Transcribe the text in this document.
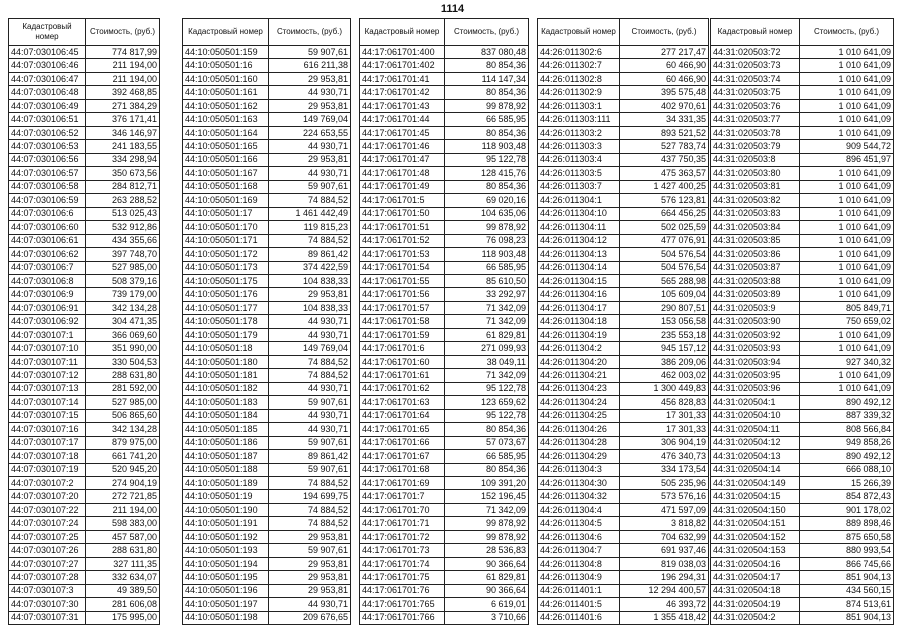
1114
Кадастровый номер	Стоимость, (руб.)
44:07:030106:45	774 817,99
44:07:030106:46	211 194,00
44:07:030106:47	211 194,00
44:07:030106:48	392 468,85
44:07:030106:49	271 384,29
44:07:030106:51	376 171,41
44:07:030106:52	346 146,97
44:07:030106:53	241 183,55
44:07:030106:56	334 298,94
44:07:030106:57	350 673,56
44:07:030106:58	284 812,71
44:07:030106:59	263 288,52
44:07:030106:6	513 025,43
44:07:030106:60	532 912,86
44:07:030106:61	434 355,66
44:07:030106:62	397 748,70
44:07:030106:7	527 985,00
44:07:030106:8	508 379,16
44:07:030106:9	739 179,00
44:07:030106:91	342 134,28
44:07:030106:92	304 471,35
44:07:030107:1	366 069,60
44:07:030107:10	351 990,00
44:07:030107:11	330 504,53
44:07:030107:12	288 631,80
44:07:030107:13	281 592,00
44:07:030107:14	527 985,00
44:07:030107:15	506 865,60
44:07:030107:16	342 134,28
44:07:030107:17	879 975,00
44:07:030107:18	661 741,20
44:07:030107:19	520 945,20
44:07:030107:2	274 904,19
44:07:030107:20	272 721,85
44:07:030107:22	211 194,00
44:07:030107:24	598 383,00
44:07:030107:25	457 587,00
44:07:030107:26	288 631,80
44:07:030107:27	327 111,35
44:07:030107:28	332 634,07
44:07:030107:3	49 389,50
44:07:030107:30	281 606,08
44:07:030107:31	175 995,00
Кадастровый номер	Стоимость, (руб.)
44:10:050501:159	59 907,61
44:10:050501:16	616 211,38
44:10:050501:160	29 953,81
44:10:050501:161	44 930,71
44:10:050501:162	29 953,81
44:10:050501:163	149 769,04
44:10:050501:164	224 653,55
44:10:050501:165	44 930,71
44:10:050501:166	29 953,81
44:10:050501:167	44 930,71
44:10:050501:168	59 907,61
44:10:050501:169	74 884,52
44:10:050501:17	1 461 442,49
44:10:050501:170	119 815,23
44:10:050501:171	74 884,52
44:10:050501:172	89 861,42
44:10:050501:173	374 422,59
44:10:050501:175	104 838,33
44:10:050501:176	29 953,81
44:10:050501:177	104 838,33
44:10:050501:178	44 930,71
44:10:050501:179	44 930,71
44:10:050501:18	149 769,04
44:10:050501:180	74 884,52
44:10:050501:181	74 884,52
44:10:050501:182	44 930,71
44:10:050501:183	59 907,61
44:10:050501:184	44 930,71
44:10:050501:185	44 930,71
44:10:050501:186	59 907,61
44:10:050501:187	89 861,42
44:10:050501:188	59 907,61
44:10:050501:189	74 884,52
44:10:050501:19	194 699,75
44:10:050501:190	74 884,52
44:10:050501:191	74 884,52
44:10:050501:192	29 953,81
44:10:050501:193	59 907,61
44:10:050501:194	29 953,81
44:10:050501:195	29 953,81
44:10:050501:196	29 953,81
44:10:050501:197	44 930,71
44:10:050501:198	209 676,65
Кадастровый номер	Стоимость, (руб.)
44:17:061701:400	837 080,48
44:17:061701:402	80 854,36
44:17:061701:41	114 147,34
44:17:061701:42	80 854,36
44:17:061701:43	99 878,92
44:17:061701:44	66 585,95
44:17:061701:45	80 854,36
44:17:061701:46	118 903,48
44:17:061701:47	95 122,78
44:17:061701:48	128 415,76
44:17:061701:49	80 854,36
44:17:061701:5	69 020,16
44:17:061701:50	104 635,06
44:17:061701:51	99 878,92
44:17:061701:52	76 098,23
44:17:061701:53	118 903,48
44:17:061701:54	66 585,95
44:17:061701:55	85 610,50
44:17:061701:56	33 292,97
44:17:061701:57	71 342,09
44:17:061701:58	71 342,09
44:17:061701:59	61 829,81
44:17:061701:6	271 099,93
44:17:061701:60	38 049,11
44:17:061701:61	71 342,09
44:17:061701:62	95 122,78
44:17:061701:63	123 659,62
44:17:061701:64	95 122,78
44:17:061701:65	80 854,36
44:17:061701:66	57 073,67
44:17:061701:67	66 585,95
44:17:061701:68	80 854,36
44:17:061701:69	109 391,20
44:17:061701:7	152 196,45
44:17:061701:70	71 342,09
44:17:061701:71	99 878,92
44:17:061701:72	99 878,92
44:17:061701:73	28 536,83
44:17:061701:74	90 366,64
44:17:061701:75	61 829,81
44:17:061701:76	90 366,64
44:17:061701:765	6 619,01
44:17:061701:766	3 710,66
Кадастровый номер	Стоимость, (руб.)
44:26:011302:6	277 217,47
44:26:011302:7	60 466,90
44:26:011302:8	60 466,90
44:26:011302:9	395 575,48
44:26:011303:1	402 970,61
44:26:011303:111	34 331,35
44:26:011303:2	893 521,52
44:26:011303:3	527 783,74
44:26:011303:4	437 750,35
44:26:011303:5	475 363,57
44:26:011303:7	1 427 400,25
44:26:011304:1	576 123,81
44:26:011304:10	664 456,25
44:26:011304:11	502 025,59
44:26:011304:12	477 076,91
44:26:011304:13	504 576,54
44:26:011304:14	504 576,54
44:26:011304:15	565 288,98
44:26:011304:16	105 609,04
44:26:011304:17	290 807,51
44:26:011304:18	153 056,58
44:26:011304:19	235 553,18
44:26:011304:2	945 157,12
44:26:011304:20	386 209,06
44:26:011304:21	462 003,02
44:26:011304:23	1 300 449,83
44:26:011304:24	456 828,83
44:26:011304:25	17 301,33
44:26:011304:26	17 301,33
44:26:011304:28	306 904,19
44:26:011304:29	476 340,73
44:26:011304:3	334 173,54
44:26:011304:30	505 235,96
44:26:011304:32	573 576,16
44:26:011304:4	471 597,09
44:26:011304:5	3 818,82
44:26:011304:6	704 632,99
44:26:011304:7	691 937,46
44:26:011304:8	819 038,03
44:26:011304:9	196 294,31
44:26:011401:1	12 294 400,57
44:26:011401:5	46 393,72
44:26:011401:6	1 355 418,42
Кадастровый номер	Стоимость, (руб.)
44:31:020503:72	1 010 641,09
44:31:020503:73	1 010 641,09
44:31:020503:74	1 010 641,09
44:31:020503:75	1 010 641,09
44:31:020503:76	1 010 641,09
44:31:020503:77	1 010 641,09
44:31:020503:78	1 010 641,09
44:31:020503:79	909 544,72
44:31:020503:8	896 451,97
44:31:020503:80	1 010 641,09
44:31:020503:81	1 010 641,09
44:31:020503:82	1 010 641,09
44:31:020503:83	1 010 641,09
44:31:020503:84	1 010 641,09
44:31:020503:85	1 010 641,09
44:31:020503:86	1 010 641,09
44:31:020503:87	1 010 641,09
44:31:020503:88	1 010 641,09
44:31:020503:89	1 010 641,09
44:31:020503:9	805 849,71
44:31:020503:90	750 659,02
44:31:020503:92	1 010 641,09
44:31:020503:93	1 010 641,09
44:31:020503:94	927 340,32
44:31:020503:95	1 010 641,09
44:31:020503:96	1 010 641,09
44:31:020504:1	890 492,12
44:31:020504:10	887 339,32
44:31:020504:11	808 566,84
44:31:020504:12	949 858,26
44:31:020504:13	890 492,12
44:31:020504:14	666 088,10
44:31:020504:149	15 266,39
44:31:020504:15	854 872,43
44:31:020504:150	901 178,02
44:31:020504:151	889 898,46
44:31:020504:152	875 650,58
44:31:020504:153	880 993,54
44:31:020504:16	866 745,66
44:31:020504:17	851 904,13
44:31:020504:18	434 560,15
44:31:020504:19	874 513,61
44:31:020504:2	851 904,13
